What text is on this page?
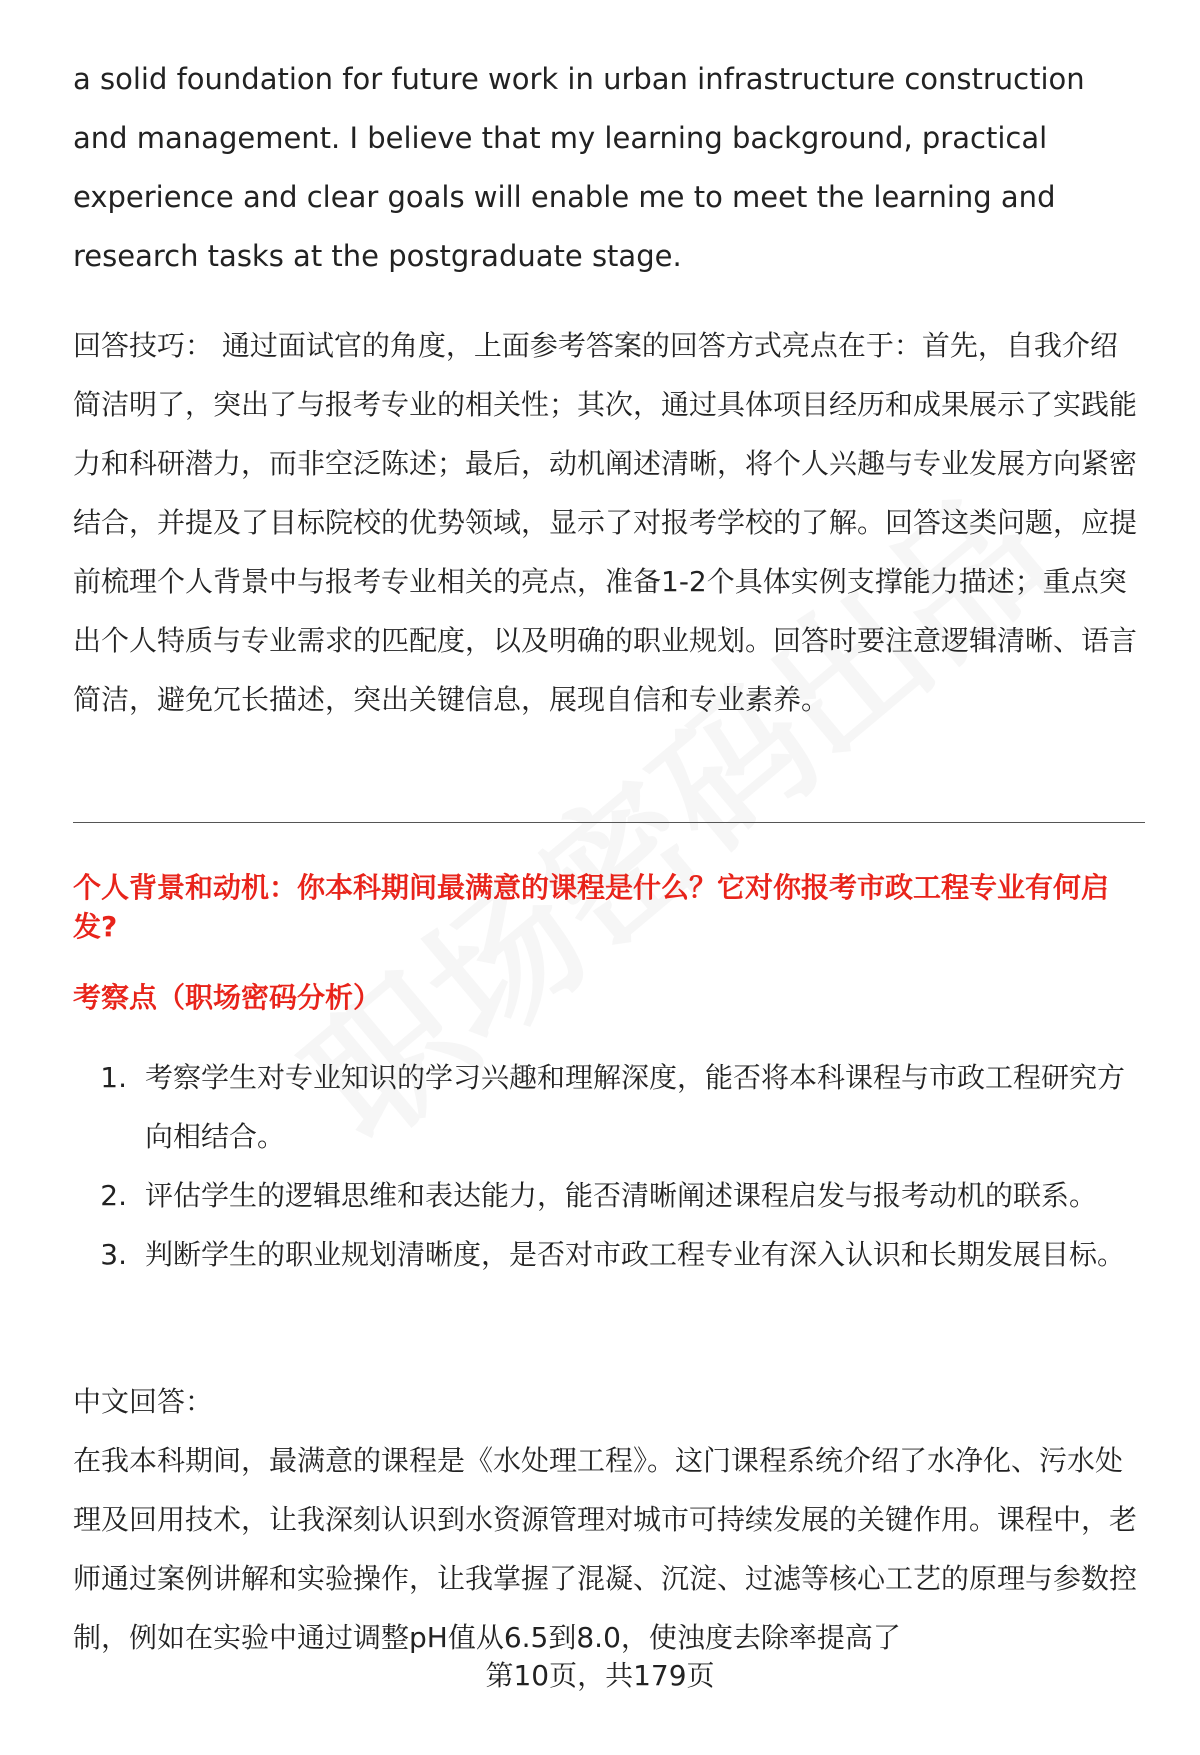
a solid foundation for future work in urban infrastructure construction and management. I believe that my learning background, practical experience and clear goals will enable me to meet the learning and research tasks at the postgraduate stage.

回答技巧： 通过面试官的角度，上面参考答案的回答方式亮点在于：首先，自我介绍简洁明了，突出了与报考专业的相关性；其次，通过具体项目经历和成果展示了实践能力和科研潜力，而非空泛陈述；最后，动机阐述清晰，将个人兴趣与专业发展方向紧密结合，并提及了目标院校的优势领域，显示了对报考学校的了解。回答这类问题，应提前梳理个人背景中与报考专业相关的亮点，准备1-2个具体实例支撑能力描述；重点突出个人特质与专业需求的匹配度，以及明确的职业规划。回答时要注意逻辑清晰、语言简洁，避免冗长描述，突出关键信息，展现自信和专业素养。

个人背景和动机：你本科期间最满意的课程是什么？它对你报考市政工程专业有何启发?
考察点（职场密码分析）
1. 考察学生对专业知识的学习兴趣和理解深度，能否将本科课程与市政工程研究方向相结合。
2. 评估学生的逻辑思维和表达能力，能否清晰阐述课程启发与报考动机的联系。
3. 判断学生的职业规划清晰度，是否对市政工程专业有深入认识和长期发展目标。

中文回答：

在我本科期间，最满意的课程是《水处理工程》。这门课程系统介绍了水净化、污水处理及回用技术，让我深刻认识到水资源管理对城市可持续发展的关键作用。课程中，老师通过案例讲解和实验操作，让我掌握了混凝、沉淀、过滤等核心工艺的原理与参数控制，例如在实验中通过调整pH值从6.5到8.0，使浊度去除率提高了

第10页，共179页
